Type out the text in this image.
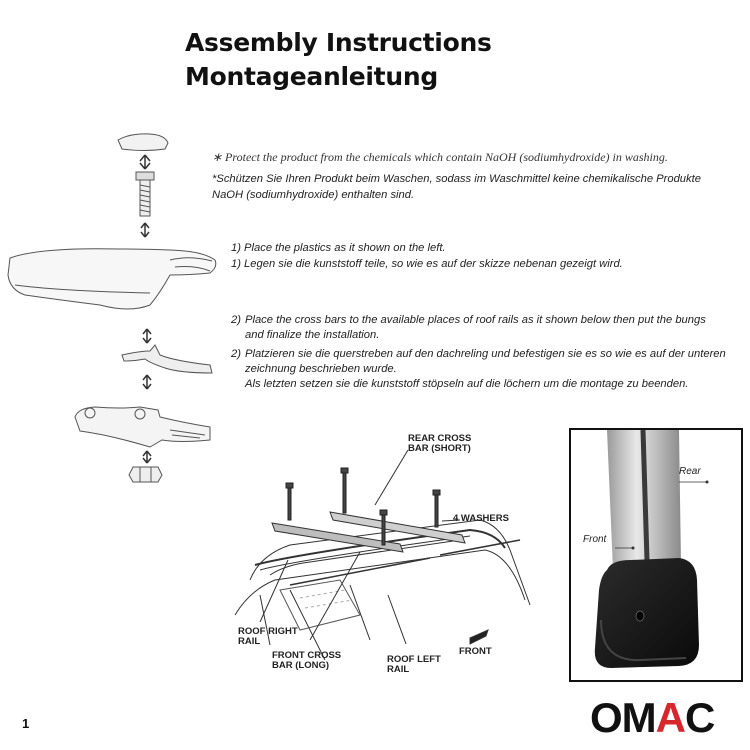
Assembly Instructions
Montageanleitung
∗ Protect the product from the chemicals which contain NaOH (sodiumhydroxide) in washing.
*Schützen Sie Ihren Produkt beim Waschen, sodass im Waschmittel keine chemikalische Produkte
NaOH (sodiumhydroxide) enthalten sind.
1) Place the plastics as it shown on the left.
1) Legen sie die kunststoff teile, so wie es auf der skizze nebenan gezeigt wird.
2) Place the cross bars to the available places of roof rails as it shown below then put the bungs
and finalize the installation.
2) Platzieren sie die querstreben auf den dachreling und befestigen sie es so wie es auf der unteren
zeichnung beschrieben wurde.
Als letzten setzen sie die kunststoff stöpseln auf die löchern um die montage zu beenden.
REAR CROSS
BAR (SHORT)
4 WASHERS
ROOF RIGHT
RAIL
FRONT CROSS
BAR (LONG)
ROOF LEFT
RAIL
FRONT
Rear
Front
1	OMAC
